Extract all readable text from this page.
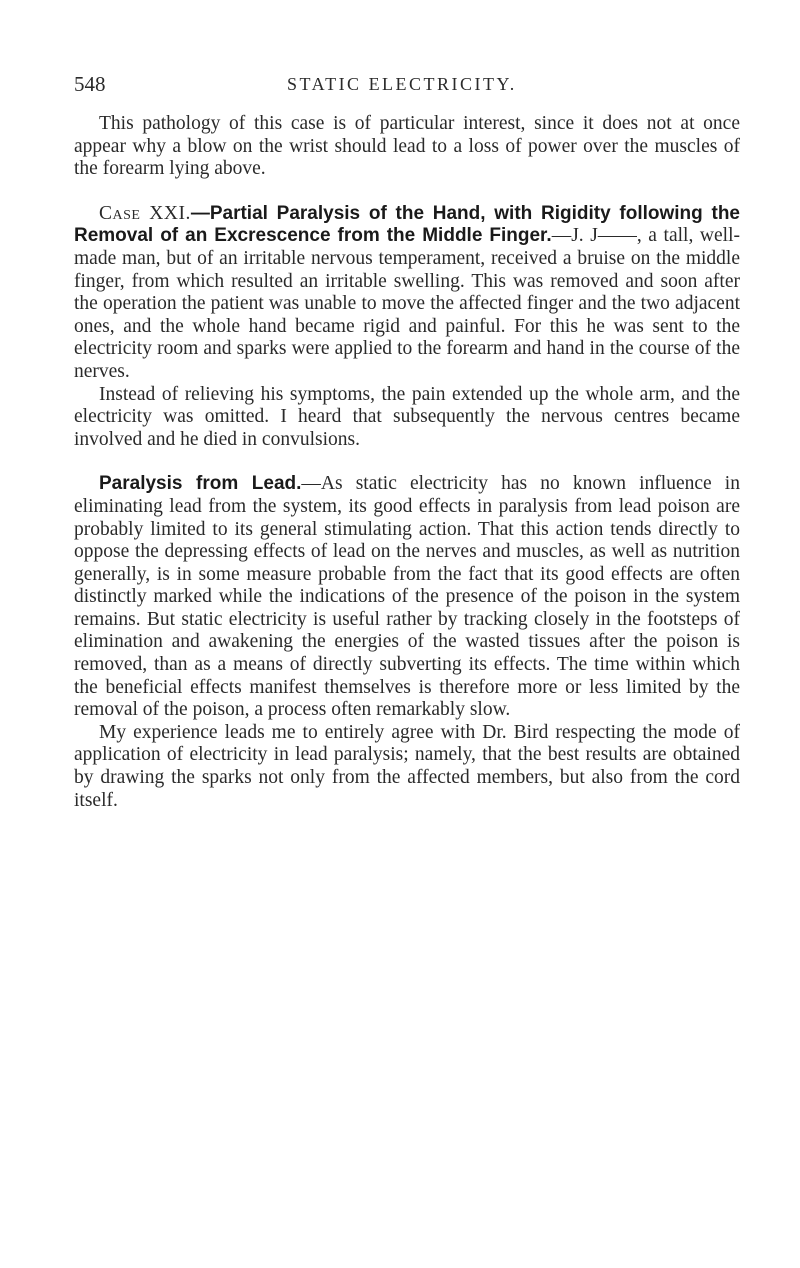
548	STATIC ELECTRICITY.

This pathology of this case is of particular interest, since it does not at once appear why a blow on the wrist should lead to a loss of power over the muscles of the forearm lying above.

Case XXI.—Partial Paralysis of the Hand, with Rigidity following the Removal of an Excrescence from the Middle Finger.—J. J——, a tall, well-made man, but of an irritable nervous temperament, received a bruise on the middle finger, from which resulted an irritable swelling. This was removed and soon after the operation the patient was unable to move the affected finger and the two adjacent ones, and the whole hand became rigid and painful. For this he was sent to the electricity room and sparks were applied to the forearm and hand in the course of the nerves.

Instead of relieving his symptoms, the pain extended up the whole arm, and the electricity was omitted. I heard that subsequently the nervous centres became involved and he died in convulsions.

Paralysis from Lead.—As static electricity has no known influence in eliminating lead from the system, its good effects in paralysis from lead poison are probably limited to its general stimulating action. That this action tends directly to oppose the depressing effects of lead on the nerves and muscles, as well as nutrition generally, is in some measure probable from the fact that its good effects are often distinctly marked while the indications of the presence of the poison in the system remains. But static electricity is useful rather by tracking closely in the footsteps of elimination and awakening the energies of the wasted tissues after the poison is removed, than as a means of directly subverting its effects. The time within which the beneficial effects manifest themselves is therefore more or less limited by the removal of the poison, a process often remarkably slow.

My experience leads me to entirely agree with Dr. Bird respecting the mode of application of electricity in lead paralysis; namely, that the best results are obtained by drawing the sparks not only from the affected members, but also from the cord itself.
